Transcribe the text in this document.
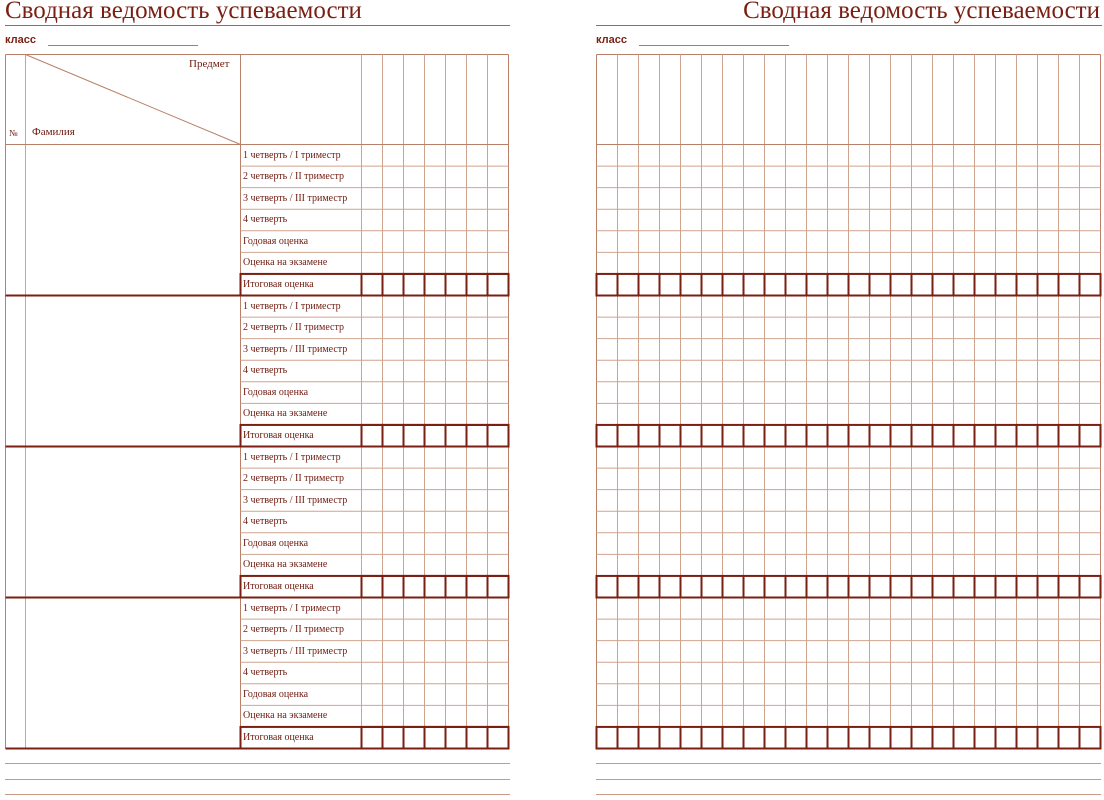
Сводная ведомость успеваемости
класс
№ Фамилия
Предмет
1 четверть / I триместр
2 четверть / II триместр
3 четверть / III триместр
4 четверть
Годовая оценка
Оценка на экзамене
Итоговая оценка
1 четверть / I триместр
2 четверть / II триместр
3 четверть / III триместр
4 четверть
Годовая оценка
Оценка на экзамене
Итоговая оценка
1 четверть / I триместр
2 четверть / II триместр
3 четверть / III триместр
4 четверть
Годовая оценка
Оценка на экзамене
Итоговая оценка
1 четверть / I триместр
2 четверть / II триместр
3 четверть / III триместр
4 четверть
Годовая оценка
Оценка на экзамене
Итоговая оценка
Сводная ведомость успеваемости
класс
